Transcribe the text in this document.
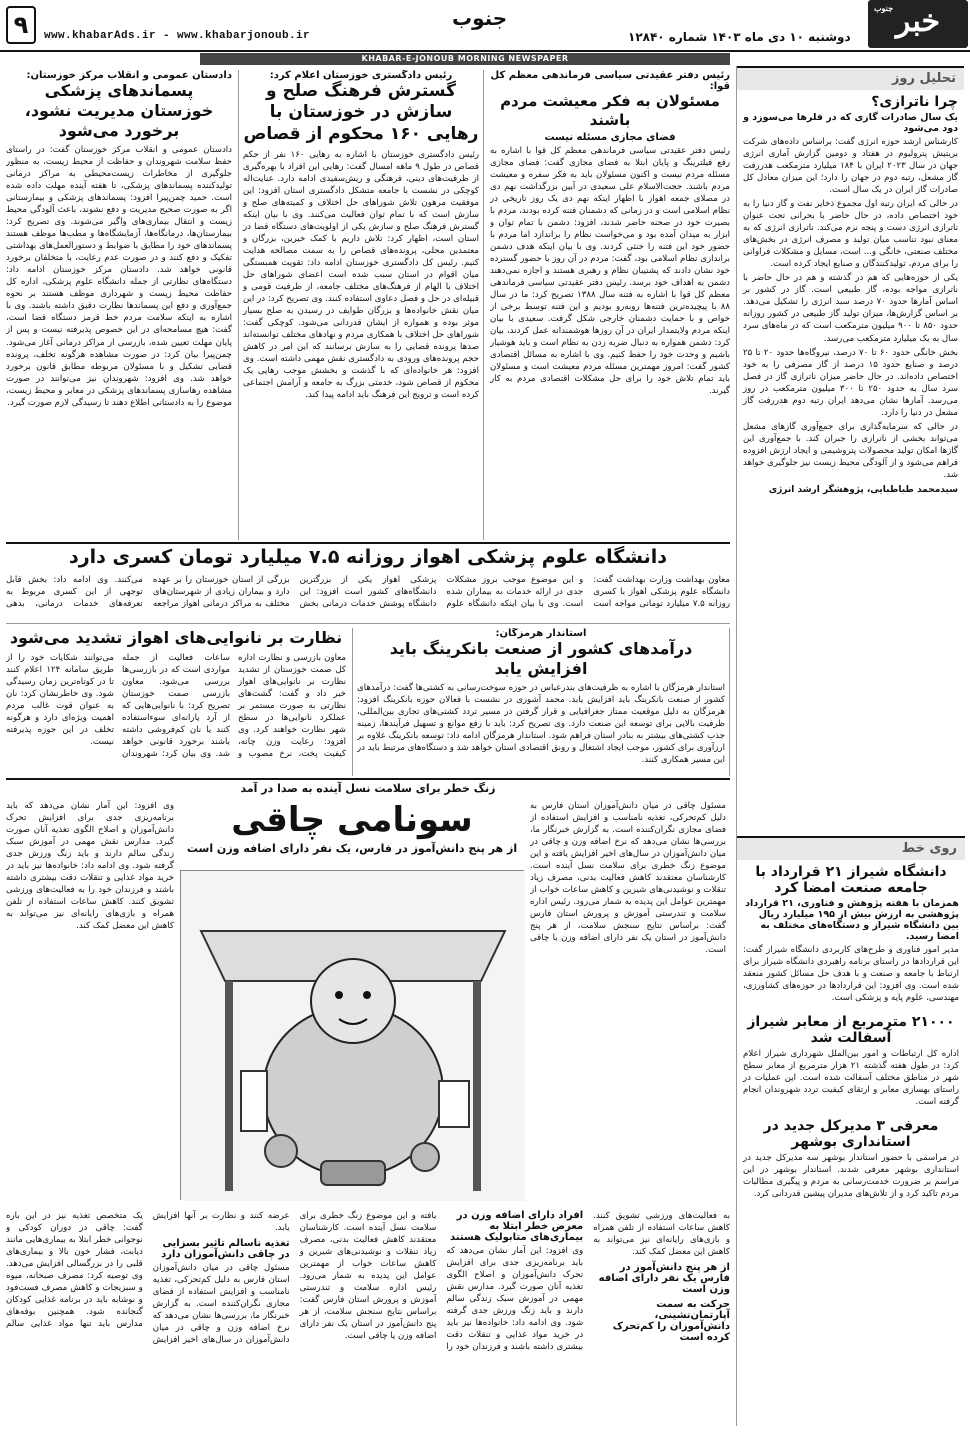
۹	www.khabarAds.ir - www.khabarjonoub.ir
جنوب
دوشنبه ۱۰ دی ماه ۱۴۰۳ شماره ۱۲۸۴۰
جنوب خبر
KHABAR-E-JONOUB MORNING NEWSPAPER
تحلیل روز
چرا ناترازی؟
یک سال صادرات گازی که در فلرها می‌سوزد و دود می‌شود
کارشناس ارشد حوزه انرژی گفت: براساس داده‌های شرکت بریتیش پترولیوم در هفتاد و دومین گزارش آماری انرژی جهان در سال ۲۰۲۳ ایران با ۱۸۴ میلیارد مترمکعب هدررفت گاز مشعل، رتبه دوم در جهان را دارد؛ این میزان معادل کل صادرات گاز ایران در یک سال است.
در حالی که ایران رتبه اول مجموع ذخایر نفت و گاز دنیا را به خود اختصاص داده، در حال حاضر با بحرانی تحت عنوان ناترازی انرژی دست و پنجه نرم می‌کند. ناترازی انرژی که به معنای نبود تناسب میان تولید و مصرف انرژی در بخش‌های مختلف صنعتی، خانگی و... است، مسایل و مشکلات فراوانی را برای مردم، تولیدکنندگان و صنایع ایجاد کرده است.
یکی از حوزه‌هایی که هم در گذشته و هم در حال حاضر با ناترازی مواجه بوده، گاز طبیعی است. گاز در کشور بر اساس آمارها حدود ۷۰ درصد سبد انرژی را تشکیل می‌دهد. بر اساس گزارش‌ها، میزان تولید گاز طبیعی در کشور روزانه حدود ۸۵۰ تا ۹۰۰ میلیون مترمکعب است که در ماه‌های سرد سال به یک میلیارد مترمکعب می‌رسد.
بخش خانگی حدود ۶۰ تا ۷۰ درصد، نیروگاه‌ها حدود ۲۰ تا ۲۵ درصد و صنایع حدود ۱۵ درصد از گاز مصرفی را به خود اختصاص داده‌اند. در حال حاضر میزان ناترازی گاز در فصل سرد سال به حدود ۲۵۰ تا ۳۰۰ میلیون مترمکعب در روز می‌رسد. آمارها نشان می‌دهد ایران رتبه دوم هدررفت گاز مشعل در دنیا را دارد.
در حالی که سرمایه‌گذاری برای جمع‌آوری گازهای مشعل می‌تواند بخشی از ناترازی را جبران کند. با جمع‌آوری این گازها امکان تولید محصولات پتروشیمی و ایجاد ارزش افزوده فراهم می‌شود و از آلودگی محیط زیست نیز جلوگیری خواهد شد.
سیدمحمد طباطبایی، پژوهشگر ارشد انرژی
روی خط
دانشگاه شیراز ۲۱ قرارداد با جامعه صنعت امضا کرد
همزمان با هفته پژوهش و فناوری، ۲۱ قرارداد پژوهشی به ارزش بیش از ۱۹۵ میلیارد ریال بین دانشگاه شیراز و دستگاه‌های مختلف به امضا رسید.
مدیر امور فناوری و طرح‌های کاربردی دانشگاه شیراز گفت: این قراردادها در راستای برنامه راهبردی دانشگاه شیراز برای ارتباط با جامعه و صنعت و با هدف حل مسائل کشور منعقد شده است. وی افزود: این قراردادها در حوزه‌های کشاورزی، مهندسی، علوم پایه و پزشکی است.
۲۱۰۰۰ مترمربع از معابر شیراز آسفالت شد
اداره کل ارتباطات و امور بین‌الملل شهرداری شیراز اعلام کرد: در طول هفته گذشته ۲۱ هزار مترمربع از معابر سطح شهر در مناطق مختلف آسفالت شده است. این عملیات در راستای بهسازی معابر و ارتقای کیفیت تردد شهروندان انجام گرفته است.
معرفی ۳ مدیرکل جدید در استانداری بوشهر
در مراسمی با حضور استاندار بوشهر سه مدیرکل جدید در استانداری بوشهر معرفی شدند. استاندار بوشهر در این مراسم بر ضرورت خدمت‌رسانی به مردم و پیگیری مطالبات مردم تاکید کرد و از تلاش‌های مدیران پیشین قدردانی کرد.
رئیس دفتر عقیدتی سیاسی فرماندهی معظم کل قوا:
مسئولان به فکر معیشت مردم باشند
فضای مجازی مسئله نیست
رئیس دفتر عقیدتی سیاسی فرماندهی معظم کل قوا با اشاره به رفع فیلترینگ و پایان ابتلا به فضای مجازی گفت: فضای مجازی مسئله مردم نیست و اکنون مسئولان باید به فکر سفره و معیشت مردم باشند. حجت‌الاسلام علی سعیدی در آیین بزرگداشت نهم دی در مصلای جمعه اهواز با اظهار اینکه نهم دی یک روز تاریخی در نظام اسلامی است و در زمانی که دشمنان فتنه کرده بودند، مردم با بصیرت خود در صحنه حاضر شدند، افزود: دشمن با تمام توان و ابزار به میدان آمده بود و می‌خواست نظام را براندازد اما مردم با حضور خود این فتنه را خنثی کردند. وی با بیان اینکه هدف دشمن براندازی نظام اسلامی بود، گفت: مردم در آن روز با حضور گسترده خود نشان دادند که پشتیبان نظام و رهبری هستند و اجازه نمی‌دهند دشمن به اهداف خود برسد. رئیس دفتر عقیدتی سیاسی فرماندهی معظم کل قوا با اشاره به فتنه سال ۱۳۸۸ تصریح کرد: ما در سال ۸۸ با پیچیده‌ترین فتنه‌ها روبه‌رو بودیم و این فتنه توسط برخی از خواص و با حمایت دشمنان خارجی شکل گرفت. سعیدی با بیان اینکه مردم ولایتمدار ایران در آن روزها هوشمندانه عمل کردند، بیان کرد: دشمن همواره به دنبال ضربه زدن به نظام است و باید هوشیار باشیم و وحدت خود را حفظ کنیم. وی با اشاره به مسائل اقتصادی کشور گفت: امروز مهمترین مسئله مردم معیشت است و مسئولان باید تمام تلاش خود را برای حل مشکلات اقتصادی مردم به کار گیرند.
رئیس دادگستری خوزستان اعلام کرد:
گسترش فرهنگ صلح و سازش در خوزستان با رهایی ۱۶۰ محکوم از قصاص
رئیس دادگستری خوزستان با اشاره به رهایی ۱۶۰ نفر از حکم قصاص در طول ۹ ماهه امسال گفت: رهایی این افراد با بهره‌گیری از ظرفیت‌های دینی، فرهنگی و ریش‌سفیدی ادامه دارد. عنایت‌اله کوچکی در نشست با جامعه متشکل دادگستری استان افزود: این موفقیت مرهون تلاش شوراهای حل اختلاف و کمیته‌های صلح و سازش است که با تمام توان فعالیت می‌کنند. وی با بیان اینکه گسترش فرهنگ صلح و سازش یکی از اولویت‌های دستگاه قضا در استان است، اظهار کرد: تلاش داریم با کمک خیرین، بزرگان و معتمدین محلی، پرونده‌های قصاص را به سمت مصالحه هدایت کنیم. رئیس کل دادگستری خوزستان ادامه داد: تقویت همبستگی میان اقوام در استان سبب شده است اعضای شوراهای حل اختلاف با الهام از فرهنگ‌های مختلف جامعه، از ظرفیت قومی و قبیله‌ای در حل و فصل دعاوی استفاده کنند. وی تصریح کرد: در این میان نقش خانواده‌ها و بزرگان طوایف در رسیدن به صلح بسیار موثر بوده و همواره از ایشان قدردانی می‌شود. کوچکی گفت: شوراهای حل اختلاف با همکاری مردم و نهادهای مختلف توانسته‌اند صدها پرونده قضایی را به سازش برسانند که این امر در کاهش حجم پرونده‌های ورودی به دادگستری نقش مهمی داشته است. وی افزود: هر خانواده‌ای که با گذشت و بخشش موجب رهایی یک محکوم از قصاص شود، خدمتی بزرگ به جامعه و آرامش اجتماعی کرده است و ترویج این فرهنگ باید ادامه پیدا کند.
دادستان عمومی و انقلاب مرکز خوزستان:
پسماندهای پزشکی خوزستان مدیریت نشود، برخورد می‌شود
دادستان عمومی و انقلاب مرکز خوزستان گفت: در راستای حفظ سلامت شهروندان و حفاظت از محیط زیست، به منظور جلوگیری از مخاطرات زیست‌محیطی به مراکز درمانی تولیدکننده پسماندهای پزشکی، تا هفته آینده مهلت داده شده است. حمید چمن‌پیرا افزود: پسماندهای پزشکی و بیمارستانی اگر به صورت صحیح مدیریت و دفع نشوند، باعث آلودگی محیط زیست و انتقال بیماری‌های واگیر می‌شوند. وی تصریح کرد: بیمارستان‌ها، درمانگاه‌ها، آزمایشگاه‌ها و مطب‌ها موظف هستند پسماندهای خود را مطابق با ضوابط و دستورالعمل‌های بهداشتی تفکیک و دفع کنند و در صورت عدم رعایت، با متخلفان برخورد قانونی خواهد شد. دادستان مرکز خوزستان ادامه داد: دستگاه‌های نظارتی از جمله دانشگاه علوم پزشکی، اداره کل حفاظت محیط زیست و شهرداری موظف هستند بر نحوه جمع‌آوری و دفع این پسماندها نظارت دقیق داشته باشند. وی با اشاره به اینکه سلامت مردم خط قرمز دستگاه قضا است، گفت: هیچ مسامحه‌ای در این خصوص پذیرفته نیست و پس از پایان مهلت تعیین شده، بازرسی از مراکز درمانی آغاز می‌شود. چمن‌پیرا بیان کرد: در صورت مشاهده هرگونه تخلف، پرونده قضایی تشکیل و با مسئولان مربوطه مطابق قانون برخورد خواهد شد. وی افزود: شهروندان نیز می‌توانند در صورت مشاهده رهاسازی پسماندهای پزشکی در معابر و محیط زیست، موضوع را به دادستانی اطلاع دهند تا رسیدگی لازم صورت گیرد.
دانشگاه علوم پزشکی اهواز روزانه ۷.۵ میلیارد تومان کسری دارد
معاون بهداشت وزارت بهداشت گفت: دانشگاه علوم پزشکی اهواز با کسری روزانه ۷.۵ میلیارد تومانی مواجه است و این موضوع موجب بروز مشکلات جدی در ارائه خدمات به بیماران شده است. وی با بیان اینکه دانشگاه علوم پزشکی اهواز یکی از بزرگترین دانشگاه‌های کشور است افزود: این دانشگاه پوشش خدمات درمانی بخش بزرگی از استان خوزستان را بر عهده دارد و بیماران زیادی از شهرستان‌های مختلف به مراکز درمانی اهواز مراجعه می‌کنند. وی ادامه داد: بخش قابل توجهی از این کسری مربوط به تعرفه‌های خدمات درمانی، بدهی
نظارت بر نانوایی‌های اهواز تشدید می‌شود
معاون بازرسی و نظارت اداره کل صمت خوزستان از تشدید نظارت بر نانوایی‌های اهواز خبر داد و گفت: گشت‌های نظارتی به صورت مستمر بر عملکرد نانوایی‌ها در سطح شهر نظارت خواهند کرد. وی افزود: رعایت وزن چانه، کیفیت پخت، نرخ مصوب و ساعات فعالیت از جمله مواردی است که در بازرسی‌ها بررسی می‌شود. معاون بازرسی صمت خوزستان تصریح کرد: با نانوایی‌هایی که از آرد یارانه‌ای سوءاستفاده کنند یا نان کم‌فروشی داشته باشند برخورد قانونی خواهد شد. وی بیان کرد: شهروندان می‌توانند شکایات خود را از طریق سامانه ۱۲۴ اعلام کنند تا در کوتاه‌ترین زمان رسیدگی شود. وی خاطرنشان کرد: نان به عنوان قوت غالب مردم اهمیت ویژه‌ای دارد و هرگونه تخلف در این حوزه پذیرفته نیست.
استاندار هرمزگان:
درآمدهای کشور از صنعت بانکرینگ باید افزایش یابد
استاندار هرمزگان با اشاره به ظرفیت‌های بندرعباس در حوزه سوخت‌رسانی به کشتی‌ها گفت: درآمدهای کشور از صنعت بانکرینگ باید افزایش یابد. محمد آشوری در نشست با فعالان حوزه بانکرینگ افزود: هرمزگان به دلیل موقعیت ممتاز جغرافیایی و قرار گرفتن در مسیر تردد کشتی‌های تجاری بین‌المللی، ظرفیت بالایی برای توسعه این صنعت دارد. وی تصریح کرد: باید با رفع موانع و تسهیل فرآیندها، زمینه جذب کشتی‌های بیشتر به بنادر استان فراهم شود. استاندار هرمزگان ادامه داد: توسعه بانکرینگ علاوه بر ارزآوری برای کشور، موجب ایجاد اشتغال و رونق اقتصادی استان خواهد شد و دستگاه‌های مرتبط باید در این مسیر همکاری کنند.
زنگ خطر برای سلامت نسل آینده به صدا در آمد
مسئول چاقی در میان دانش‌آموزان استان فارس به دلیل کم‌تحرکی، تغذیه نامناسب و افزایش استفاده از فضای مجازی نگران‌کننده است. به گزارش خبرنگار ما، بررسی‌ها نشان می‌دهد که نرخ اضافه وزن و چاقی در میان دانش‌آموزان در سال‌های اخیر افزایش یافته و این موضوع زنگ خطری برای سلامت نسل آینده است. کارشناسان معتقدند کاهش فعالیت بدنی، مصرف زیاد تنقلات و نوشیدنی‌های شیرین و کاهش ساعات خواب از مهمترین عوامل این پدیده به شمار می‌رود. رئیس اداره سلامت و تندرستی آموزش و پرورش استان فارس گفت: براساس نتایج سنجش سلامت، از هر پنج دانش‌آموز در استان یک نفر دارای اضافه وزن یا چاقی است.
وی افزود: این آمار نشان می‌دهد که باید برنامه‌ریزی جدی برای افزایش تحرک دانش‌آموزان و اصلاح الگوی تغذیه آنان صورت گیرد. مدارس نقش مهمی در آموزش سبک زندگی سالم دارند و باید زنگ ورزش جدی گرفته شود. وی ادامه داد: خانواده‌ها نیز باید در خرید مواد غذایی و تنقلات دقت بیشتری داشته باشند و فرزندان خود را به فعالیت‌های ورزشی تشویق کنند. کاهش ساعات استفاده از تلفن همراه و بازی‌های رایانه‌ای نیز می‌تواند به کاهش این معضل کمک کند.
سونامی چاقی
از هر پنج دانش‌آموز در فارس، یک نفر دارای اضافه وزن است
یک متخصص تغذیه نیز در این باره گفت: چاقی در دوران کودکی و نوجوانی خطر ابتلا به بیماری‌هایی مانند دیابت، فشار خون بالا و بیماری‌های قلبی را در بزرگسالی افزایش می‌دهد. وی توصیه کرد: مصرف صبحانه، میوه و سبزیجات و کاهش مصرف فست‌فود و نوشابه باید در برنامه غذایی کودکان گنجانده شود. همچنین بوفه‌های مدارس باید تنها مواد غذایی سالم عرضه کنند و نظارت بر آنها افزایش یابد.
تغذیه ناسالم تاثیر بسزایی در چاقی دانش‌آموزان دارد
مسئول چاقی در میان دانش‌آموزان استان فارس به دلیل کم‌تحرکی، تغذیه نامناسب و افزایش استفاده از فضای مجازی نگران‌کننده است. به گزارش خبرنگار ما، بررسی‌ها نشان می‌دهد که نرخ اضافه وزن و چاقی در میان دانش‌آموزان در سال‌های اخیر افزایش یافته و این موضوع زنگ خطری برای سلامت نسل آینده است. کارشناسان معتقدند کاهش فعالیت بدنی، مصرف زیاد تنقلات و نوشیدنی‌های شیرین و کاهش ساعات خواب از مهمترین عوامل این پدیده به شمار می‌رود. رئیس اداره سلامت و تندرستی آموزش و پرورش استان فارس گفت: براساس نتایج سنجش سلامت، از هر پنج دانش‌آموز در استان یک نفر دارای اضافه وزن یا چاقی است.
افراد دارای اضافه وزن در معرض خطر ابتلا به بیماری‌های متابولیک هستند
وی افزود: این آمار نشان می‌دهد که باید برنامه‌ریزی جدی برای افزایش تحرک دانش‌آموزان و اصلاح الگوی تغذیه آنان صورت گیرد. مدارس نقش مهمی در آموزش سبک زندگی سالم دارند و باید زنگ ورزش جدی گرفته شود. وی ادامه داد: خانواده‌ها نیز باید در خرید مواد غذایی و تنقلات دقت بیشتری داشته باشند و فرزندان خود را به فعالیت‌های ورزشی تشویق کنند. کاهش ساعات استفاده از تلفن همراه و بازی‌های رایانه‌ای نیز می‌تواند به کاهش این معضل کمک کند.
از هر پنج دانش‌آموز در فارس یک نفر دارای اضافه وزن است
حرکت به سمت آپارتمان‌نشینی، دانش‌آموزان را کم‌تحرک کرده است
